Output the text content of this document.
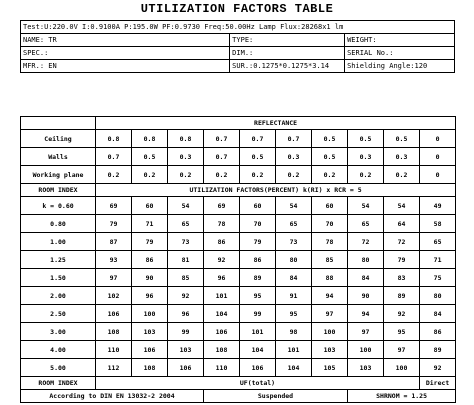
UTILIZATION FACTORS TABLE
Test:U:220.0V I:0.9100A P:195.0W PF:0.9730 Freq:50.00Hz Lamp Flux:28268x1 lm		
NAME: TR	TYPE:	WEIGHT:
SPEC.:	DIM.:	SERIAL No.:
MFR.: EN	SUR.:0.1275*0.1275*3.14	Shielding Angle:120
	REFLECTANCE									
Ceiling	0.8	0.8	0.8	0.7	0.7	0.7	0.5	0.5	0.5	0
Walls	0.7	0.5	0.3	0.7	0.5	0.3	0.5	0.3	0.3	0
Working plane	0.2	0.2	0.2	0.2	0.2	0.2	0.2	0.2	0.2	0
ROOM INDEX	UTILIZATION FACTORS(PERCENT) k(RI) x RCR = 5									
k = 0.60	69	60	54	69	60	54	60	54	54	49
0.80	79	71	65	78	70	65	70	65	64	58
1.00	87	79	73	86	79	73	78	72	72	65
1.25	93	86	81	92	86	80	85	80	79	71
1.50	97	90	85	96	89	84	88	84	83	75
2.00	102	96	92	101	95	91	94	90	89	80
2.50	106	100	96	104	99	95	97	94	92	84
3.00	108	103	99	106	101	98	100	97	95	86
4.00	110	106	103	108	104	101	103	100	97	89
5.00	112	108	106	110	106	104	105	103	100	92
ROOM INDEX	UF(total)									Direct
According to DIN EN 13032-2 2004				Suspended				SHRNOM = 1.25		
